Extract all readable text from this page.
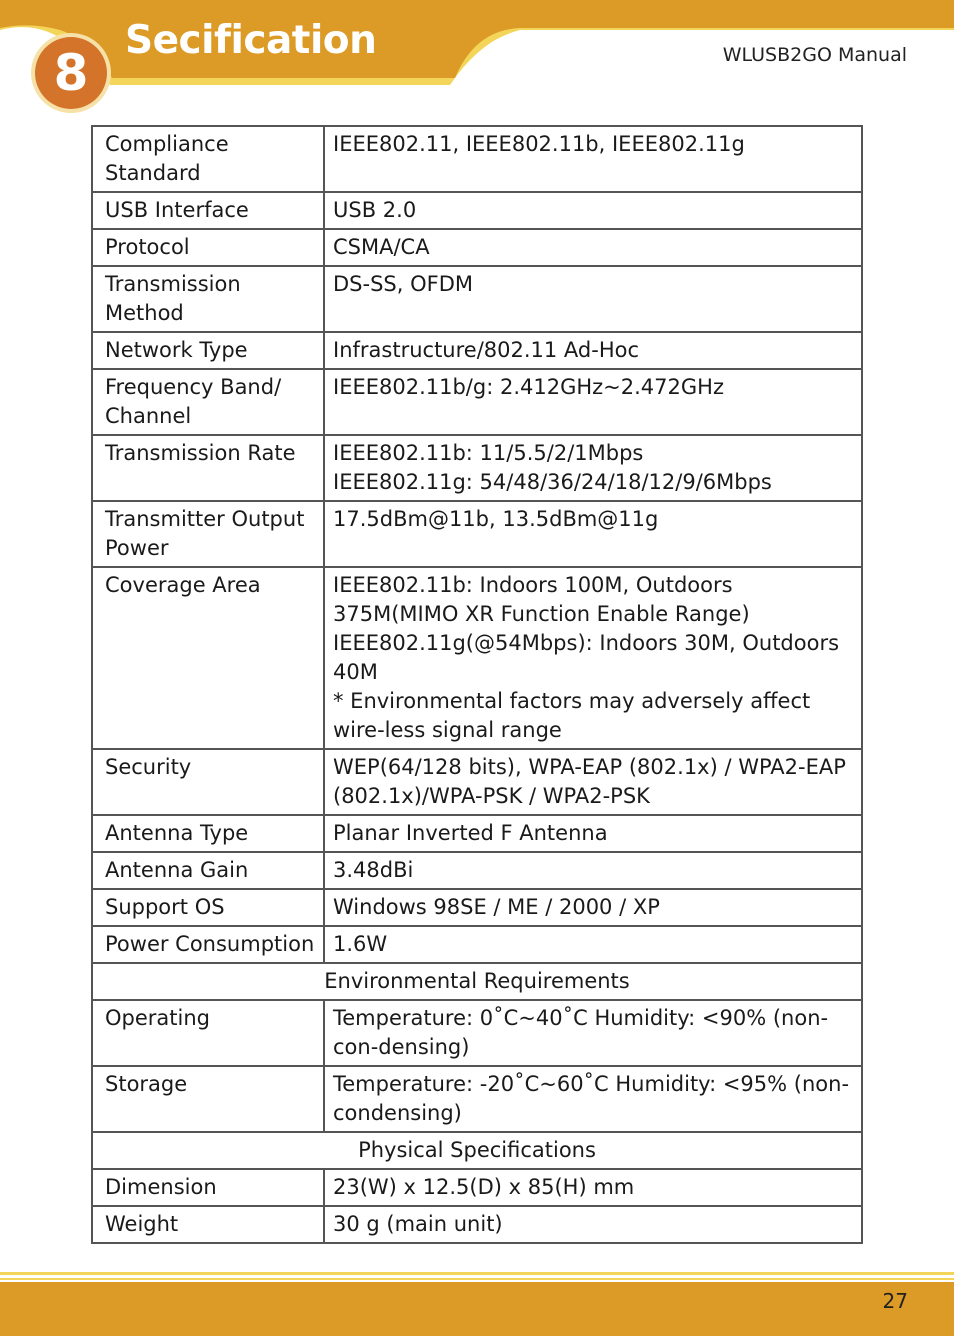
8
Secification	WLUSB2GO Manual
Compliance Standard	IEEE802.11, IEEE802.11b, IEEE802.11g
USB Interface	USB 2.0
Protocol	CSMA/CA
Transmission Method	DS-SS, OFDM
Network Type	Infrastructure/802.11 Ad-Hoc
Frequency Band/ Channel	IEEE802.11b/g: 2.412GHz~2.472GHz
Transmission Rate	IEEE802.11b: 11/5.5/2/1Mbps
IEEE802.11g: 54/48/36/24/18/12/9/6Mbps

Transmitter Output Power	17.5dBm@11b, 13.5dBm@11g
Coverage Area	IEEE802.11b: Indoors 100M, Outdoors 375M(MIMO XR Function Enable Range)
IEEE802.11g(@54Mbps): Indoors 30M, Outdoors 40M
* Environmental factors may adversely affect wire-less signal range

Security	WEP(64/128 bits), WPA-EAP (802.1x) / WPA2-EAP (802.1x)/WPA-PSK / WPA2-PSK
Antenna Type	Planar Inverted F Antenna
Antenna Gain	3.48dBi
Support OS	Windows 98SE / ME / 2000 / XP
Power Consumption	1.6W
Environmental Requirements	
Operating	Temperature: 0˚C~40˚C Humidity: <90% (non-con-densing)
Storage	Temperature: -20˚C~60˚C Humidity: <95% (non-condensing)
Physical Specifications	
Dimension	23(W) x 12.5(D) x 85(H) mm
Weight	30 g (main unit)
27
